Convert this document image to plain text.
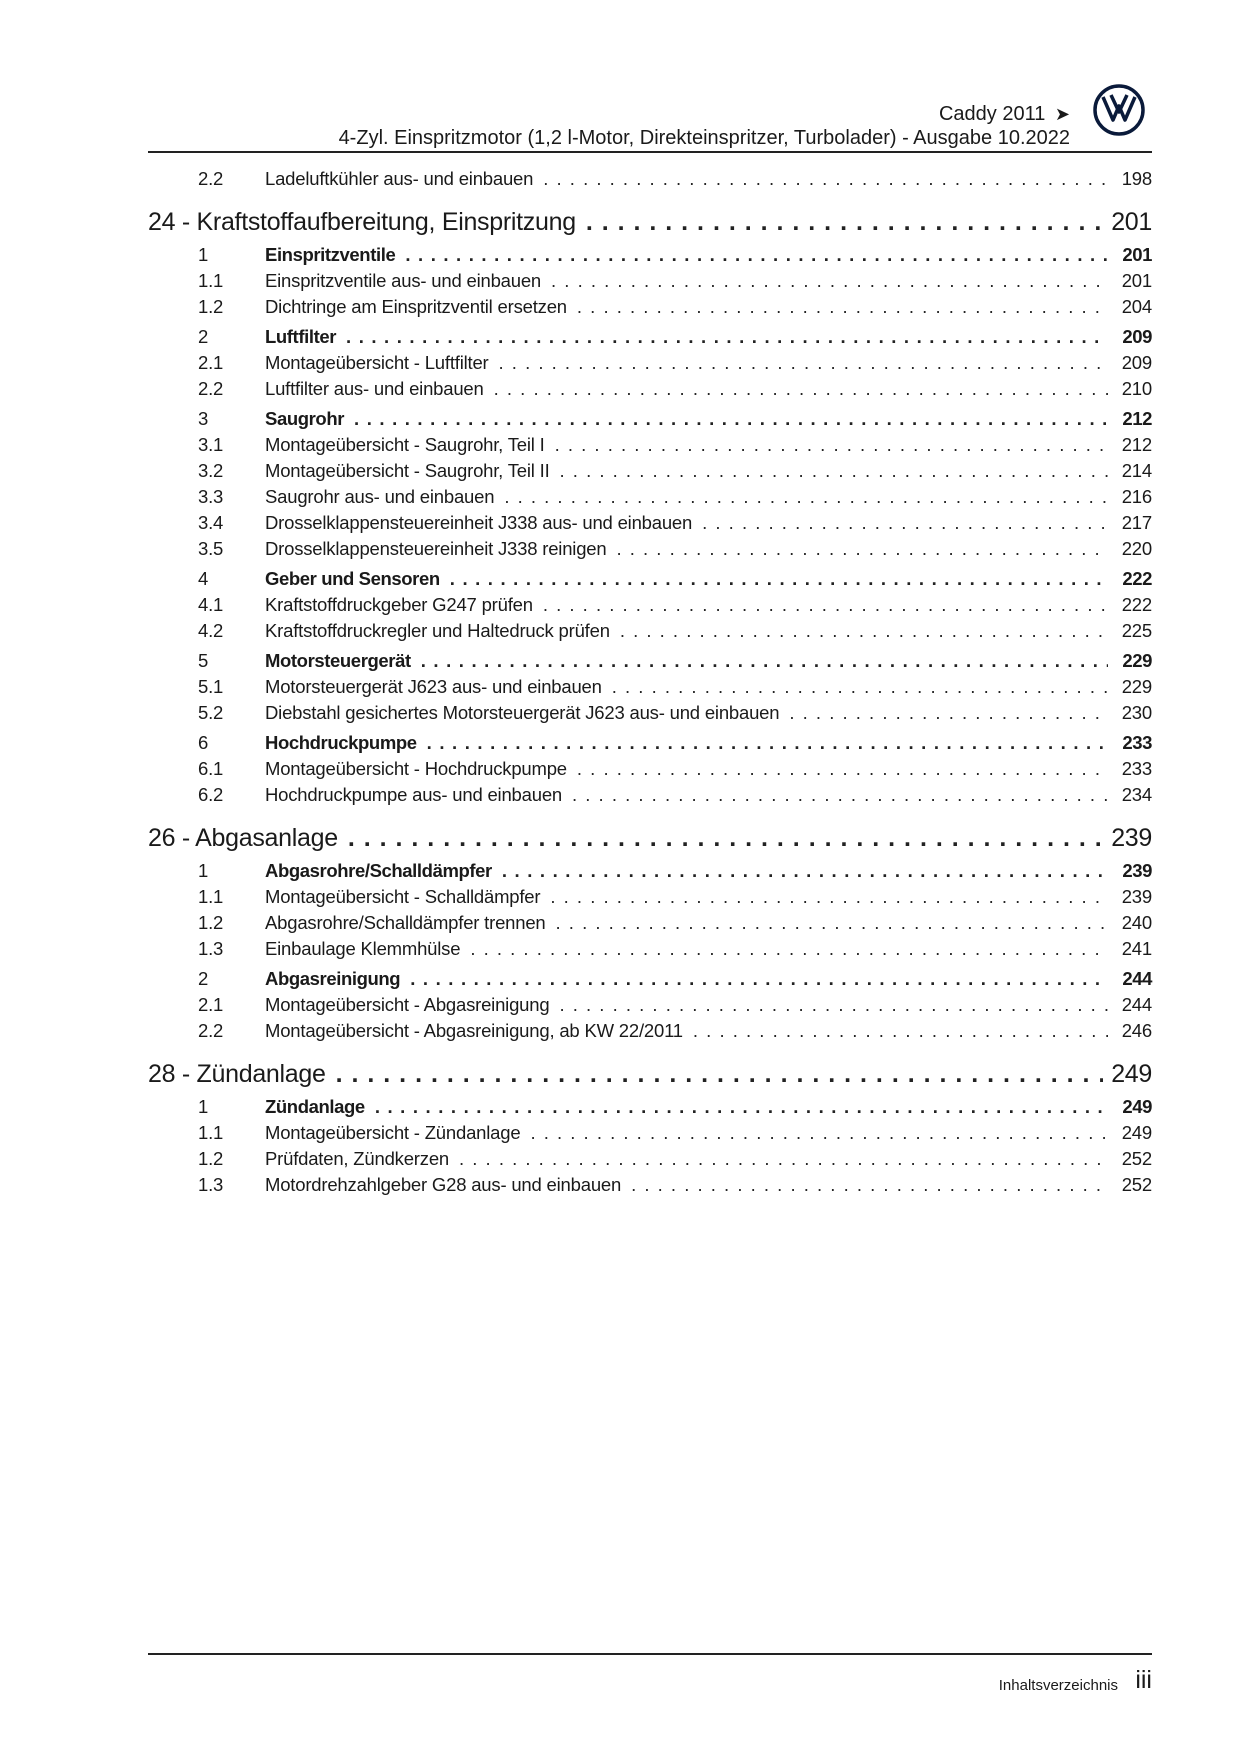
Caddy 2011 ➤
4-Zyl. Einspritzmotor (1,2 l-Motor, Direkteinspritzer, Turbolader) - Ausgabe 10.2022
2.2	Ladeluftkühler aus- und einbauen . . .	198
24 - Kraftstoffaufbereitung, Einspritzung . . .	201
1	Einspritzventile . . .	201
1.1	Einspritzventile aus- und einbauen . . .	201
1.2	Dichtringe am Einspritzventil ersetzen . . .	204
2	Luftfilter . . .	209
2.1	Montageübersicht - Luftfilter . . .	209
2.2	Luftfilter aus- und einbauen . . .	210
3	Saugrohr . . .	212
3.1	Montageübersicht - Saugrohr, Teil I . . .	212
3.2	Montageübersicht - Saugrohr, Teil II . . .	214
3.3	Saugrohr aus- und einbauen . . .	216
3.4	Drosselklappensteuereinheit J338 aus- und einbauen . . .	217
3.5	Drosselklappensteuereinheit J338 reinigen . . .	220
4	Geber und Sensoren . . .	222
4.1	Kraftstoffdruckgeber G247 prüfen . . .	222
4.2	Kraftstoffdruckregler und Haltedruck prüfen . . .	225
5	Motorsteuergerät . . .	229
5.1	Motorsteuergerät J623 aus- und einbauen . . .	229
5.2	Diebstahl gesichertes Motorsteuergerät J623 aus- und einbauen . . .	230
6	Hochdruckpumpe . . .	233
6.1	Montageübersicht - Hochdruckpumpe . . .	233
6.2	Hochdruckpumpe aus- und einbauen . . .	234
26 - Abgasanlage . . .	239
1	Abgasrohre/Schalldämpfer . . .	239
1.1	Montageübersicht - Schalldämpfer . . .	239
1.2	Abgasrohre/Schalldämpfer trennen . . .	240
1.3	Einbaulage Klemmhülse . . .	241
2	Abgasreinigung . . .	244
2.1	Montageübersicht - Abgasreinigung . . .	244
2.2	Montageübersicht - Abgasreinigung, ab KW 22/2011 . . .	246
28 - Zündanlage . . .	249
1	Zündanlage . . .	249
1.1	Montageübersicht - Zündanlage . . .	249
1.2	Prüfdaten, Zündkerzen . . .	252
1.3	Motordrehzahlgeber G28 aus- und einbauen . . .	252
Inhaltsverzeichnis iii
